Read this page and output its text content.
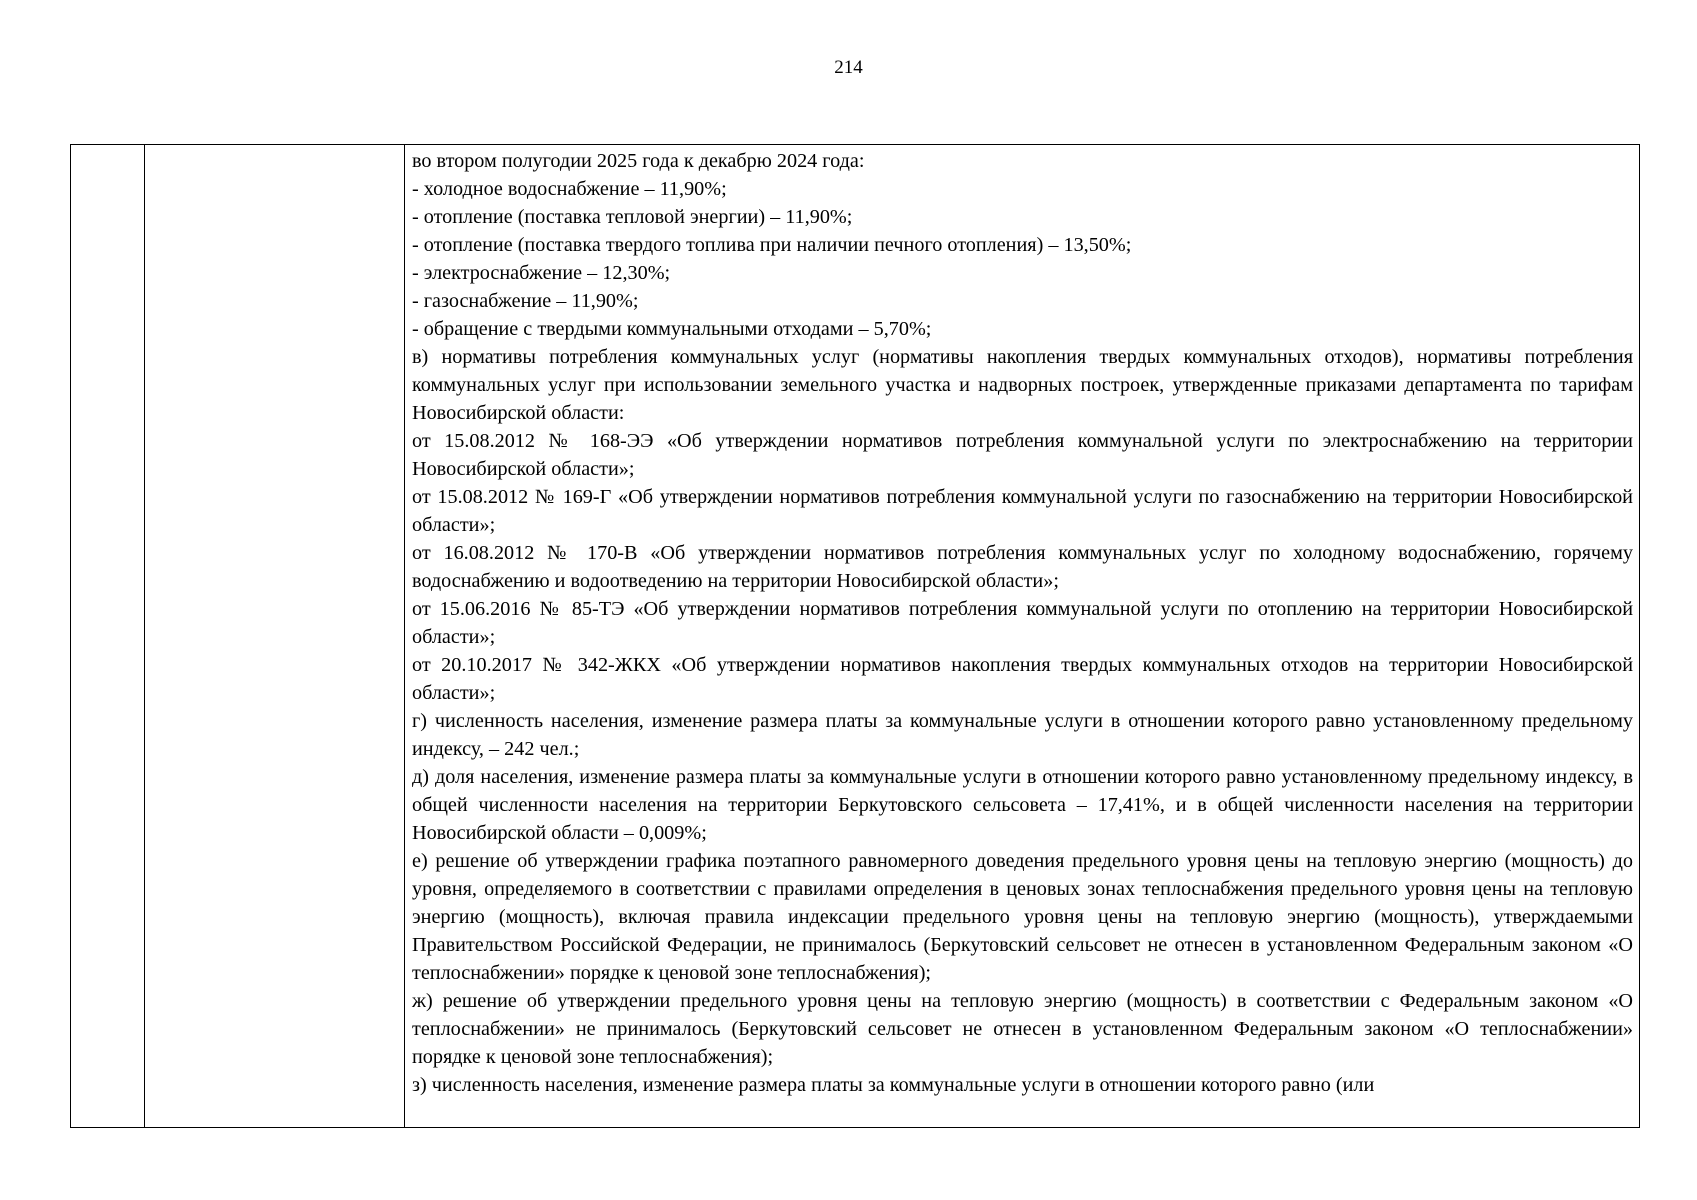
214

во втором полугодии 2025 года к декабрю 2024 года:

- холодное водоснабжение – 11,90%;

- отопление (поставка тепловой энергии) – 11,90%;

- отопление (поставка твердого топлива при наличии печного отопления) – 13,50%;

- электроснабжение – 12,30%;

- газоснабжение – 11,90%;

- обращение с твердыми коммунальными отходами – 5,70%;

в) нормативы потребления коммунальных услуг (нормативы накопления твердых коммунальных отходов), нормативы потребления коммунальных услуг при использовании земельного участка и надворных построек, утвержденные приказами департамента по тарифам Новосибирской области:

от 15.08.2012 № 168-ЭЭ «Об утверждении нормативов потребления коммунальной услуги по электроснабжению на территории Новосибирской области»;

от 15.08.2012 № 169-Г «Об утверждении нормативов потребления коммунальной услуги по газоснабжению на территории Новосибирской области»;

от 16.08.2012 № 170-В «Об утверждении нормативов потребления коммунальных услуг по холодному водоснабжению, горячему водоснабжению и водоотведению на территории Новосибирской области»;

от 15.06.2016 № 85-ТЭ «Об утверждении нормативов потребления коммунальной услуги по отоплению на территории Новосибирской области»;

от 20.10.2017 № 342-ЖКХ «Об утверждении нормативов накопления твердых коммунальных отходов на территории Новосибирской области»;

г) численность населения, изменение размера платы за коммунальные услуги в отношении которого равно установленному предельному индексу, – 242 чел.;

д) доля населения, изменение размера платы за коммунальные услуги в отношении которого равно установленному предельному индексу, в общей численности населения на территории Беркутовского сельсовета – 17,41%, и в общей численности населения на территории Новосибирской области – 0,009%;

е) решение об утверждении графика поэтапного равномерного доведения предельного уровня цены на тепловую энергию (мощность) до уровня, определяемого в соответствии с правилами определения в ценовых зонах теплоснабжения предельного уровня цены на тепловую энергию (мощность), включая правила индексации предельного уровня цены на тепловую энергию (мощность), утверждаемыми Правительством Российской Федерации, не принималось (Беркутовский сельсовет не отнесен в установленном Федеральным законом «О теплоснабжении» порядке к ценовой зоне теплоснабжения);

ж) решение об утверждении предельного уровня цены на тепловую энергию (мощность) в соответствии с Федеральным законом «О теплоснабжении» не принималось (Беркутовский сельсовет не отнесен в установленном Федеральным законом «О теплоснабжении» порядке к ценовой зоне теплоснабжения);

з) численность населения, изменение размера платы за коммунальные услуги в отношении которого равно (или
